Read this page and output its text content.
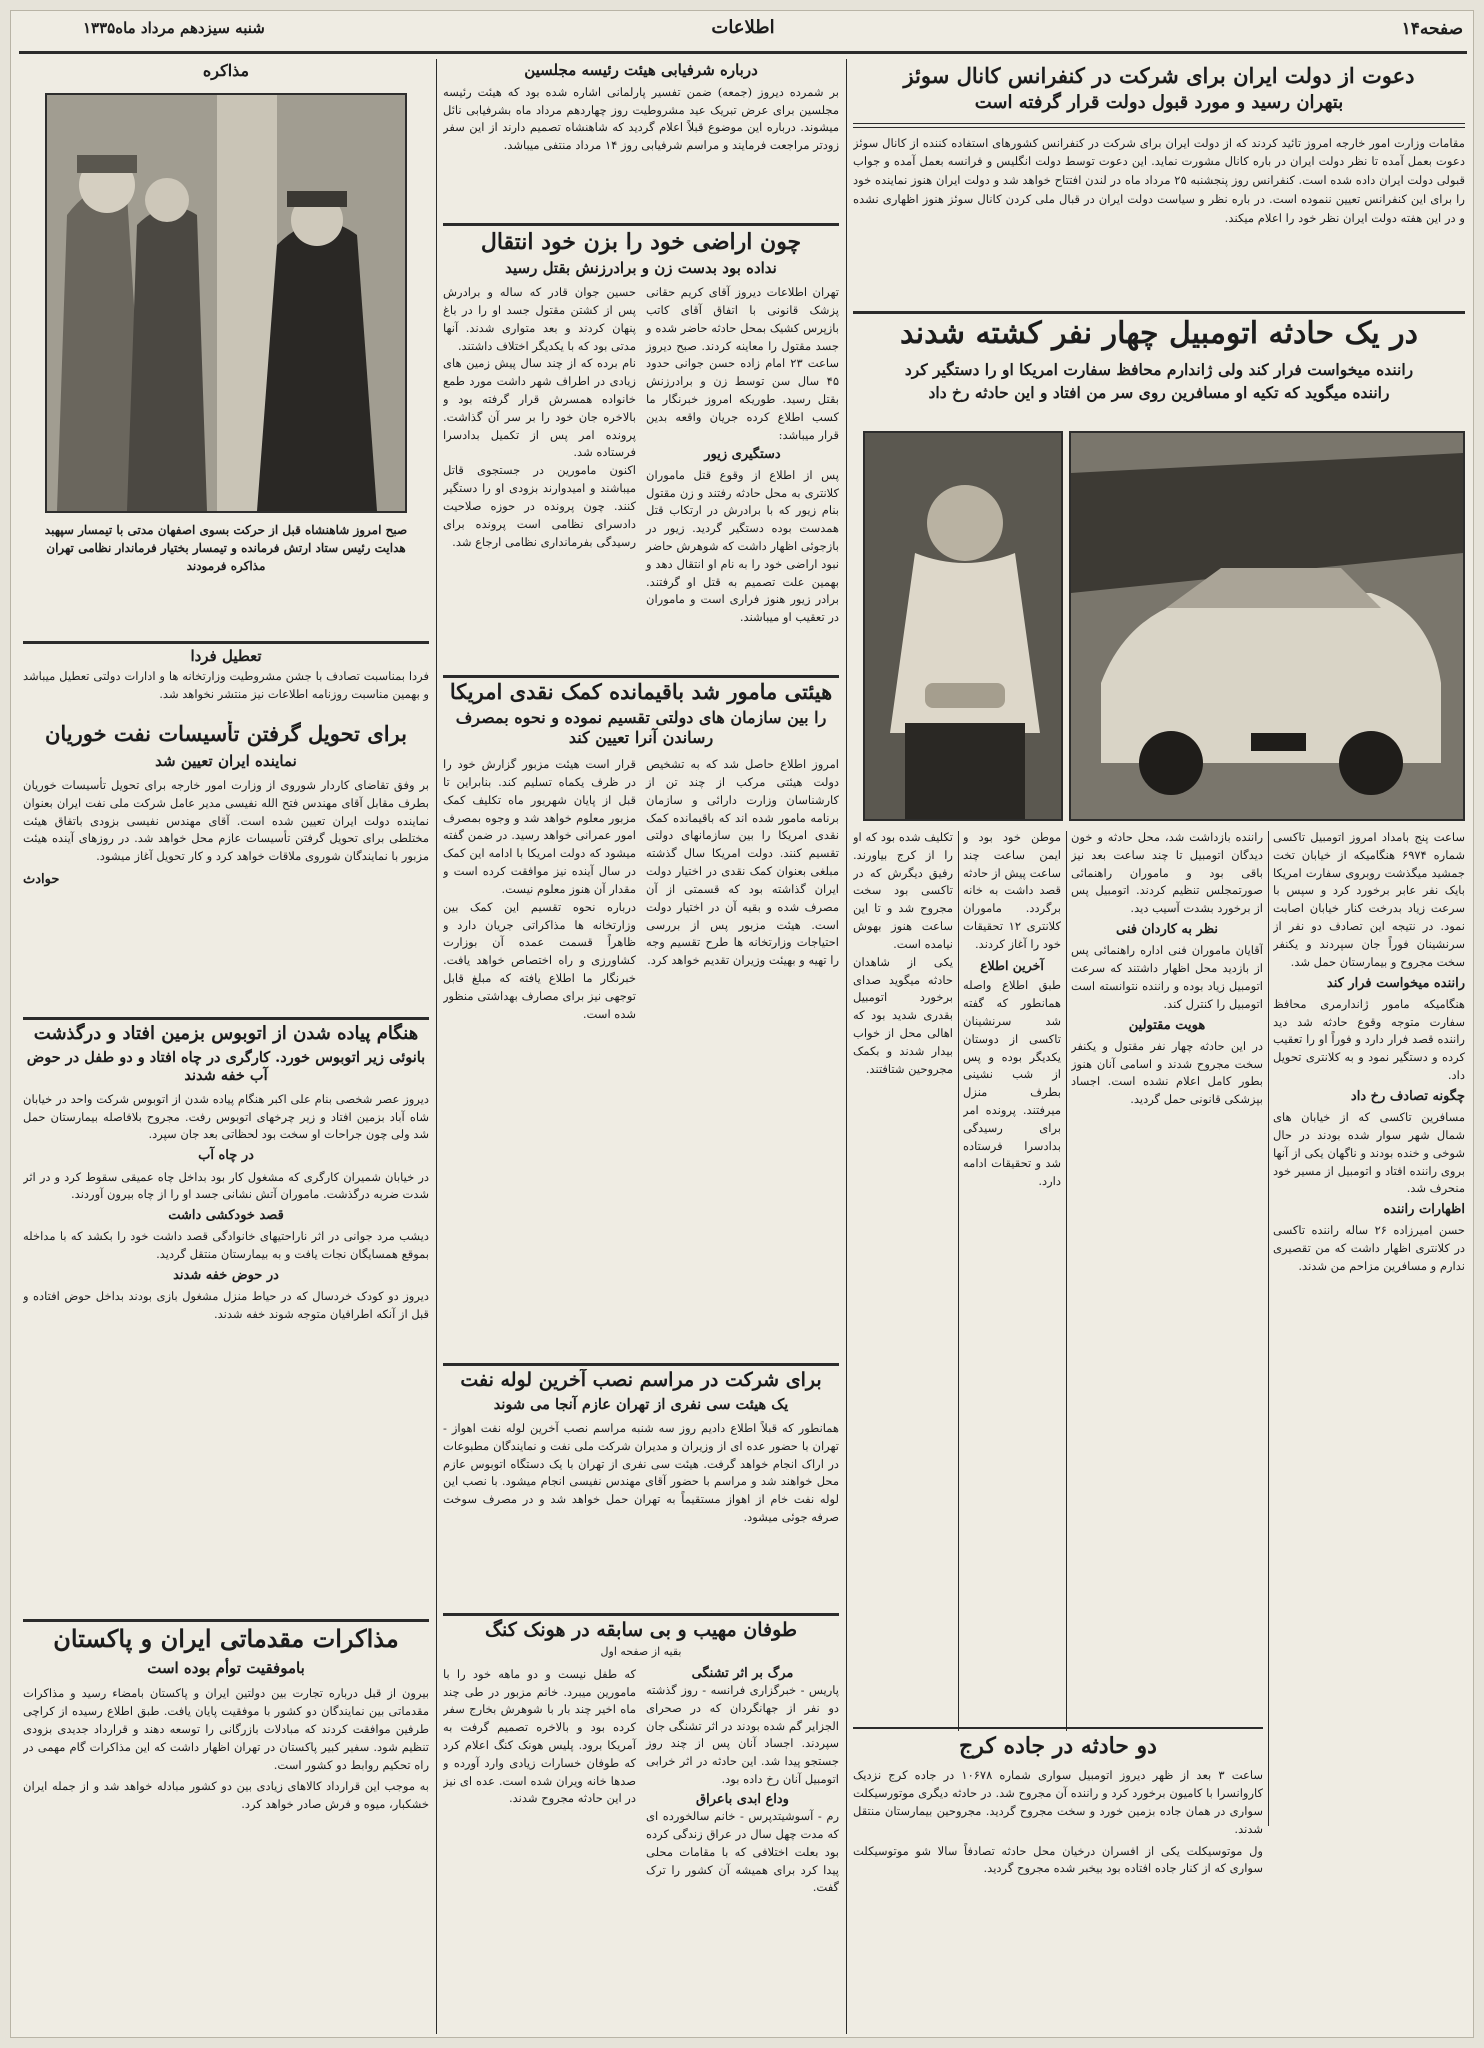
صفحه۱۴
اطلاعات
شنبه سیزدهم مرداد ماه۱۳۳۵
دعوت از دولت ایران برای شرکت در کنفرانس کانال سوئز
بتهران رسید و مورد قبول دولت قرار گرفته است
مقامات وزارت امور خارجه امروز تائید کردند که از دولت ایران برای شرکت در کنفرانس کشورهای استفاده کننده از کانال سوئز دعوت بعمل آمده تا نظر دولت ایران در باره کانال مشورت نماید. این دعوت توسط دولت انگلیس و فرانسه بعمل آمده و جواب قبولی دولت ایران داده شده است. کنفرانس روز پنجشنبه ۲۵ مرداد ماه در لندن افتتاح خواهد شد و دولت ایران هنوز نماینده خود را برای این کنفرانس تعیین ننموده است. در باره نظر و سیاست دولت ایران در قبال ملی کردن کانال سوئز هنوز اظهاری نشده و در این هفته دولت ایران نظر خود را اعلام میکند.
در یک حادثه اتومبیل چهار نفر کشته شدند
راننده میخواست فرار کند ولی ژاندارم محافظ سفارت امریکا او را دستگیر کرد
راننده میگوید که تکیه او مسافرین روی سر من افتاد و این حادثه رخ داد
ساعت پنج بامداد امروز اتومبیل تاکسی شماره ۶۹۷۴ هنگامیکه از خیابان تخت جمشید میگذشت روبروی سفارت امریکا بایک نفر عابر برخورد کرد و سپس با سرعت زیاد بدرخت کنار خیابان اصابت نمود. در نتیجه این تصادف دو نفر از سرنشینان فوراً جان سپردند و یکنفر سخت مجروح و بیمارستان حمل شد.
راننده میخواست فرار کند
هنگامیکه مامور ژاندارمری محافظ سفارت متوجه وقوع حادثه شد دید راننده قصد فرار دارد و فوراً او را تعقیب کرده و دستگیر نمود و به کلانتری تحویل داد.
چگونه تصادف رخ داد
مسافرین تاکسی که از خیابان های شمال شهر سوار شده بودند در حال شوخی و خنده بودند و ناگهان یکی از آنها بروی راننده افتاد و اتومبیل از مسیر خود منحرف شد.
اظهارات راننده
حسن امیرزاده ۲۶ ساله راننده تاکسی در کلانتری اظهار داشت که من تقصیری ندارم و مسافرین مزاحم من شدند.
راننده بازداشت شد، محل حادثه و خون دیدگان اتومبیل تا چند ساعت بعد نیز باقی بود و ماموران راهنمائی صورتمجلس تنظیم کردند. اتومبیل پس از برخورد بشدت آسیب دید.
نظر به کاردان فنی
آقایان ماموران فنی اداره راهنمائی پس از بازدید محل اظهار داشتند که سرعت اتومبیل زیاد بوده و راننده نتوانسته است اتومبیل را کنترل کند.
هویت مقتولین
در این حادثه چهار نفر مقتول و یکنفر سخت مجروح شدند و اسامی آنان هنوز بطور کامل اعلام نشده است. اجساد بپزشکی قانونی حمل گردید.
موطن خود بود و ایمن ساعت چند ساعت پیش از حادثه قصد داشت به خانه برگردد. ماموران کلانتری ۱۲ تحقیقات خود را آغاز کردند.
آخرین اطلاع
طبق اطلاع واصله همانطور که گفته شد سرنشینان تاکسی از دوستان یکدیگر بوده و پس از شب نشینی بطرف منزل میرفتند. پرونده امر برای رسیدگی بدادسرا فرستاده شد و تحقیقات ادامه دارد.
تکلیف شده بود که او را از کرج بیاورند. رفیق دیگرش که در تاکسی بود سخت مجروح شد و تا این ساعت هنوز بهوش نیامده است.
یکی از شاهدان حادثه میگوید صدای برخورد اتومبیل بقدری شدید بود که اهالی محل از خواب بیدار شدند و بکمک مجروحین شتافتند.
دو حادثه در جاده کرج
ساعت ۳ بعد از ظهر دیروز اتومبیل سواری شماره ۱۰۶۷۸ در جاده کرج نزدیک کاروانسرا با کامیون برخورد کرد و راننده آن مجروح شد. در حادثه دیگری موتورسیکلت سواری در همان جاده بزمین خورد و سخت مجروح گردید. مجروحین بیمارستان منتقل شدند.
ول موتوسیکلت یکی از افسران درخیان محل حادثه تصادفاً سالا شو موتوسیکلت سواری که از کنار جاده افتاده بود بیخبر شده مجروح گردید.
درباره شرفیابی هیئت رئیسه مجلسین
بر شمرده دیروز (جمعه) ضمن تفسیر پارلمانی اشاره شده بود که هیئت رئیسه مجلسین برای عرض تبریک عید مشروطیت روز چهاردهم مرداد ماه بشرفیابی نائل میشوند. درباره این موضوع قبلاً اعلام گردید که شاهنشاه تصمیم دارند از این سفر زودتر مراجعت فرمایند و مراسم شرفیابی روز ۱۴ مرداد منتفی میباشد.
چون اراضی خود را بزن خود انتقال
نداده بود بدست زن و برادرزنش بقتل رسید
تهران اطلاعات دیروز آقای کریم حقانی پزشک قانونی با اتفاق آقای کاتب بازپرس کشیک بمحل حادثه حاضر شده و جسد مقتول را معاینه کردند. صبح دیروز ساعت ۲۳ امام زاده حسن جوانی حدود ۴۵ سال سن توسط زن و برادرزنش بقتل رسید. طوریکه امروز خبرنگار ما کسب اطلاع کرده جریان واقعه بدین قرار میباشد:
دستگیری زیور
پس از اطلاع از وقوع قتل ماموران کلانتری به محل حادثه رفتند و زن مقتول بنام زیور که با برادرش در ارتکاب قتل همدست بوده دستگیر گردید. زیور در بازجوئی اظهار داشت که شوهرش حاضر نبود اراضی خود را به نام او انتقال دهد و بهمین علت تصمیم به قتل او گرفتند. برادر زیور هنوز فراری است و ماموران در تعقیب او میباشند.
حسین جوان قادر که ساله و برادرش پس از کشتن مقتول جسد او را در باغ پنهان کردند و بعد متواری شدند. آنها مدتی بود که با یکدیگر اختلاف داشتند.
نام برده که از چند سال پیش زمین های زیادی در اطراف شهر داشت مورد طمع خانواده همسرش قرار گرفته بود و بالاخره جان خود را بر سر آن گذاشت. پرونده امر پس از تکمیل بدادسرا فرستاده شد.
اکنون مامورین در جستجوی قاتل میباشند و امیدوارند بزودی او را دستگیر کنند. چون پرونده در حوزه صلاحیت دادسرای نظامی است پرونده برای رسیدگی بفرمانداری نظامی ارجاع شد.
هیئتی مامور شد باقیمانده کمک نقدی امریکا
را بین سازمان های دولتی تقسیم نموده و نحوه بمصرف رساندن آنرا تعیین کند
امروز اطلاع حاصل شد که به تشخیص دولت هیئتی مرکب از چند تن از کارشناسان وزارت دارائی و سازمان برنامه مامور شده اند که باقیمانده کمک نقدی امریکا را بین سازمانهای دولتی تقسیم کنند. دولت امریکا سال گذشته مبلغی بعنوان کمک نقدی در اختیار دولت ایران گذاشته بود که قسمتی از آن مصرف شده و بقیه آن در اختیار دولت است. هیئت مزبور پس از بررسی احتیاجات وزارتخانه ها طرح تقسیم وجه را تهیه و بهیئت وزیران تقدیم خواهد کرد.
قرار است هیئت مزبور گزارش خود را در ظرف یکماه تسلیم کند. بنابراین تا قبل از پایان شهریور ماه تکلیف کمک مزبور معلوم خواهد شد و وجوه بمصرف امور عمرانی خواهد رسید. در ضمن گفته میشود که دولت امریکا با ادامه این کمک در سال آینده نیز موافقت کرده است و مقدار آن هنوز معلوم نیست.
درباره نحوه تقسیم این کمک بین وزارتخانه ها مذاکراتی جریان دارد و ظاهراً قسمت عمده آن بوزارت کشاورزی و راه اختصاص خواهد یافت. خبرنگار ما اطلاع یافته که مبلغ قابل توجهی نیز برای مصارف بهداشتی منظور شده است.
برای شرکت در مراسم نصب آخرین لوله نفت
یک هیئت سی نفری از تهران عازم آنجا می شوند
همانطور که قبلاً اطلاع دادیم روز سه شنبه مراسم نصب آخرین لوله نفت اهواز - تهران با حضور عده ای از وزیران و مدیران شرکت ملی نفت و نمایندگان مطبوعات در اراک انجام خواهد گرفت. هیئت سی نفری از تهران با یک دستگاه اتوبوس عازم محل خواهند شد و مراسم با حضور آقای مهندس نفیسی انجام میشود. با نصب این لوله نفت خام از اهواز مستقیماً به تهران حمل خواهد شد و در مصرف سوخت صرفه جوئی میشود.
طوفان مهیب و بی سابقه در هونک کنگ
بقیه از صفحه اول
مرگ بر اثر تشنگی
پاریس - خبرگزاری فرانسه - روز گذشته دو نفر از جهانگردان که در صحرای الجزایر گم شده بودند در اثر تشنگی جان سپردند. اجساد آنان پس از چند روز جستجو پیدا شد. این حادثه در اثر خرابی اتومبیل آنان رخ داده بود.
وداع ابدی باعراق
رم - آسوشیتدپرس - خانم سالخورده ای که مدت چهل سال در عراق زندگی کرده بود بعلت اختلافی که با مقامات محلی پیدا کرد برای همیشه آن کشور را ترک گفت.
که طفل نیست و دو ماهه خود را با مامورین میبرد. خانم مزبور در طی چند ماه اخیر چند بار با شوهرش بخارج سفر کرده بود و بالاخره تصمیم گرفت به آمریکا برود. پلیس هونک کنگ اعلام کرد که طوفان خسارات زیادی وارد آورده و صدها خانه ویران شده است. عده ای نیز در این حادثه مجروح شدند.
مذاکره
صبح امروز شاهنشاه قبل از حرکت بسوی اصفهان مدتی با تیمسار سپهبد هدایت رئیس ستاد ارتش فرمانده و تیمسار بختیار فرماندار نظامی تهران مذاکره فرمودند
تعطیل فردا
فردا بمناسبت تصادف با جشن مشروطیت وزارتخانه ها و ادارات دولتی تعطیل میباشد و بهمین مناسبت روزنامه اطلاعات نیز منتشر نخواهد شد.
برای تحویل گرفتن تأسیسات نفت خوریان
نماینده ایران تعیین شد
بر وفق تقاضای کاردار شوروی از وزارت امور خارجه برای تحویل تأسیسات خوریان بطرف مقابل آقای مهندس فتح الله نفیسی مدیر عامل شرکت ملی نفت ایران بعنوان نماینده دولت ایران تعیین شده است. آقای مهندس نفیسی بزودی باتفاق هیئت مختلطی برای تحویل گرفتن تأسیسات عازم محل خواهد شد. در روزهای آینده هیئت مزبور با نمایندگان شوروی ملاقات خواهد کرد و کار تحویل آغاز میشود.
حوادث
هنگام پیاده شدن از اتوبوس بزمین افتاد و درگذشت
بانوئی زیر اتوبوس خورد. کارگری در چاه افتاد و دو طفل در حوض آب خفه شدند
دیروز عصر شخصی بنام علی اکبر هنگام پیاده شدن از اتوبوس شرکت واحد در خیابان شاه آباد بزمین افتاد و زیر چرخهای اتوبوس رفت. مجروح بلافاصله بیمارستان حمل شد ولی چون جراحات او سخت بود لحظاتی بعد جان سپرد.
در چاه آب
در خیابان شمیران کارگری که مشغول کار بود بداخل چاه عمیقی سقوط کرد و در اثر شدت ضربه درگذشت. ماموران آتش نشانی جسد او را از چاه بیرون آوردند.
قصد خودکشی داشت
دیشب مرد جوانی در اثر ناراحتیهای خانوادگی قصد داشت خود را بکشد که با مداخله بموقع همسایگان نجات یافت و به بیمارستان منتقل گردید.
در حوض خفه شدند
دیروز دو کودک خردسال که در حیاط منزل مشغول بازی بودند بداخل حوض افتاده و قبل از آنکه اطرافیان متوجه شوند خفه شدند.
مذاکرات مقدماتی ایران و پاکستان
باموفقیت توأم بوده است
بیرون از قبل درباره تجارت بین دولتین ایران و پاکستان بامضاء رسید و مذاکرات مقدماتی بین نمایندگان دو کشور با موفقیت پایان یافت. طبق اطلاع رسیده از کراچی طرفین موافقت کردند که مبادلات بازرگانی را توسعه دهند و قرارداد جدیدی بزودی تنظیم شود. سفیر کبیر پاکستان در تهران اظهار داشت که این مذاکرات گام مهمی در راه تحکیم روابط دو کشور است.
به موجب این قرارداد کالاهای زیادی بین دو کشور مبادله خواهد شد و از جمله ایران خشکبار، میوه و فرش صادر خواهد کرد.
